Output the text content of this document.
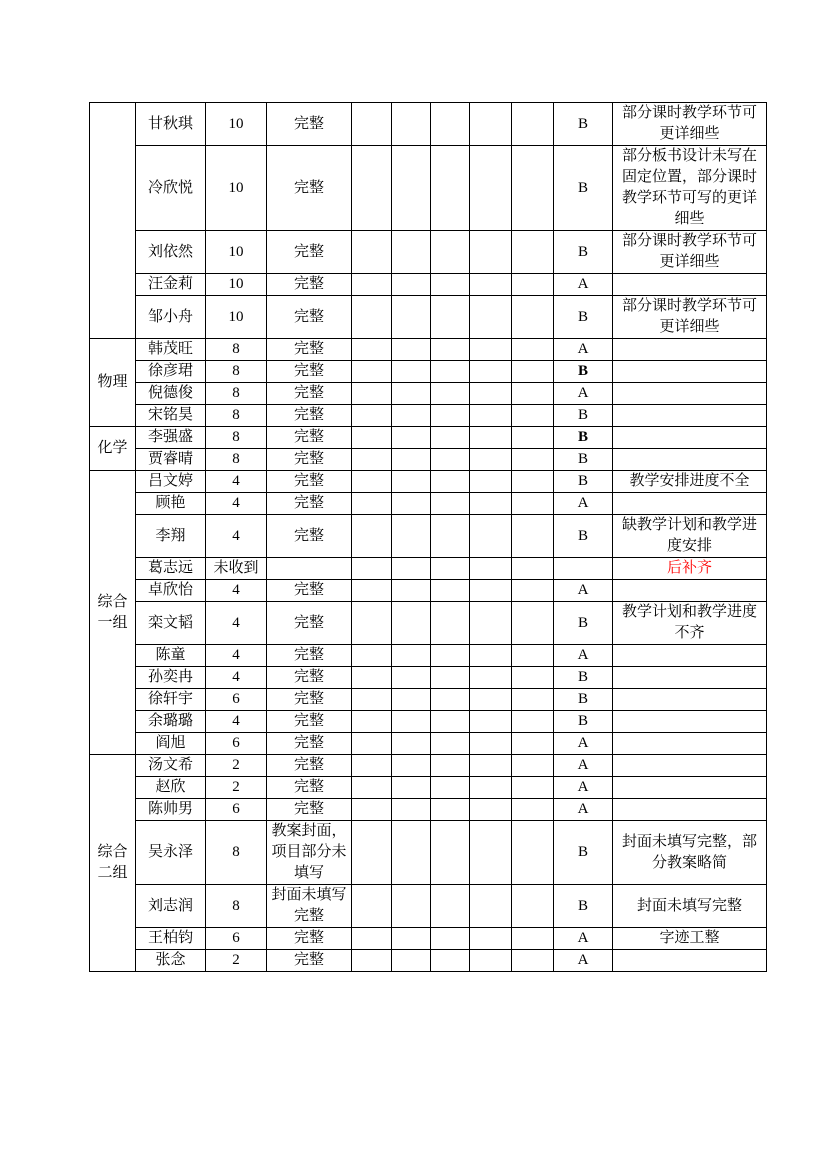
	甘秋琪	10	完整						B	部分课时教学环节可更详细些
	冷欣悦	10	完整						B	部分板书设计未写在固定位置，部分课时教学环节可写的更详细些
	刘依然	10	完整						B	部分课时教学环节可更详细些
	汪金莉	10	完整						A	
	邹小舟	10	完整						B	部分课时教学环节可更详细些
物理	韩茂旺	8	完整						A	
	徐彦珺	8	完整						B	
	倪德俊	8	完整						A	
	宋铭昊	8	完整						B	
化学	李强盛	8	完整						B	
	贾睿晴	8	完整						B	
综合一组	吕文婷	4	完整						B	教学安排进度不全
	顾艳	4	完整						A	
	李翔	4	完整						B	缺教学计划和教学进度安排
	葛志远	未收到								后补齐
	卓欣怡	4	完整						A	
	栾文韬	4	完整						B	教学计划和教学进度不齐
	陈童	4	完整						A	
	孙奕冉	4	完整						B	
	徐轩宇	6	完整						B	
	余璐璐	4	完整						B	
	阎旭	6	完整						A	
综合二组	汤文希	2	完整						A	
	赵欣	2	完整						A	
	陈帅男	6	完整						A	
	吴永泽	8	教案封面，项目部分未填写						B	封面未填写完整，部分教案略简
	刘志润	8	封面未填写完整						B	封面未填写完整
	王柏钧	6	完整						A	字迹工整
	张念	2	完整						A	
